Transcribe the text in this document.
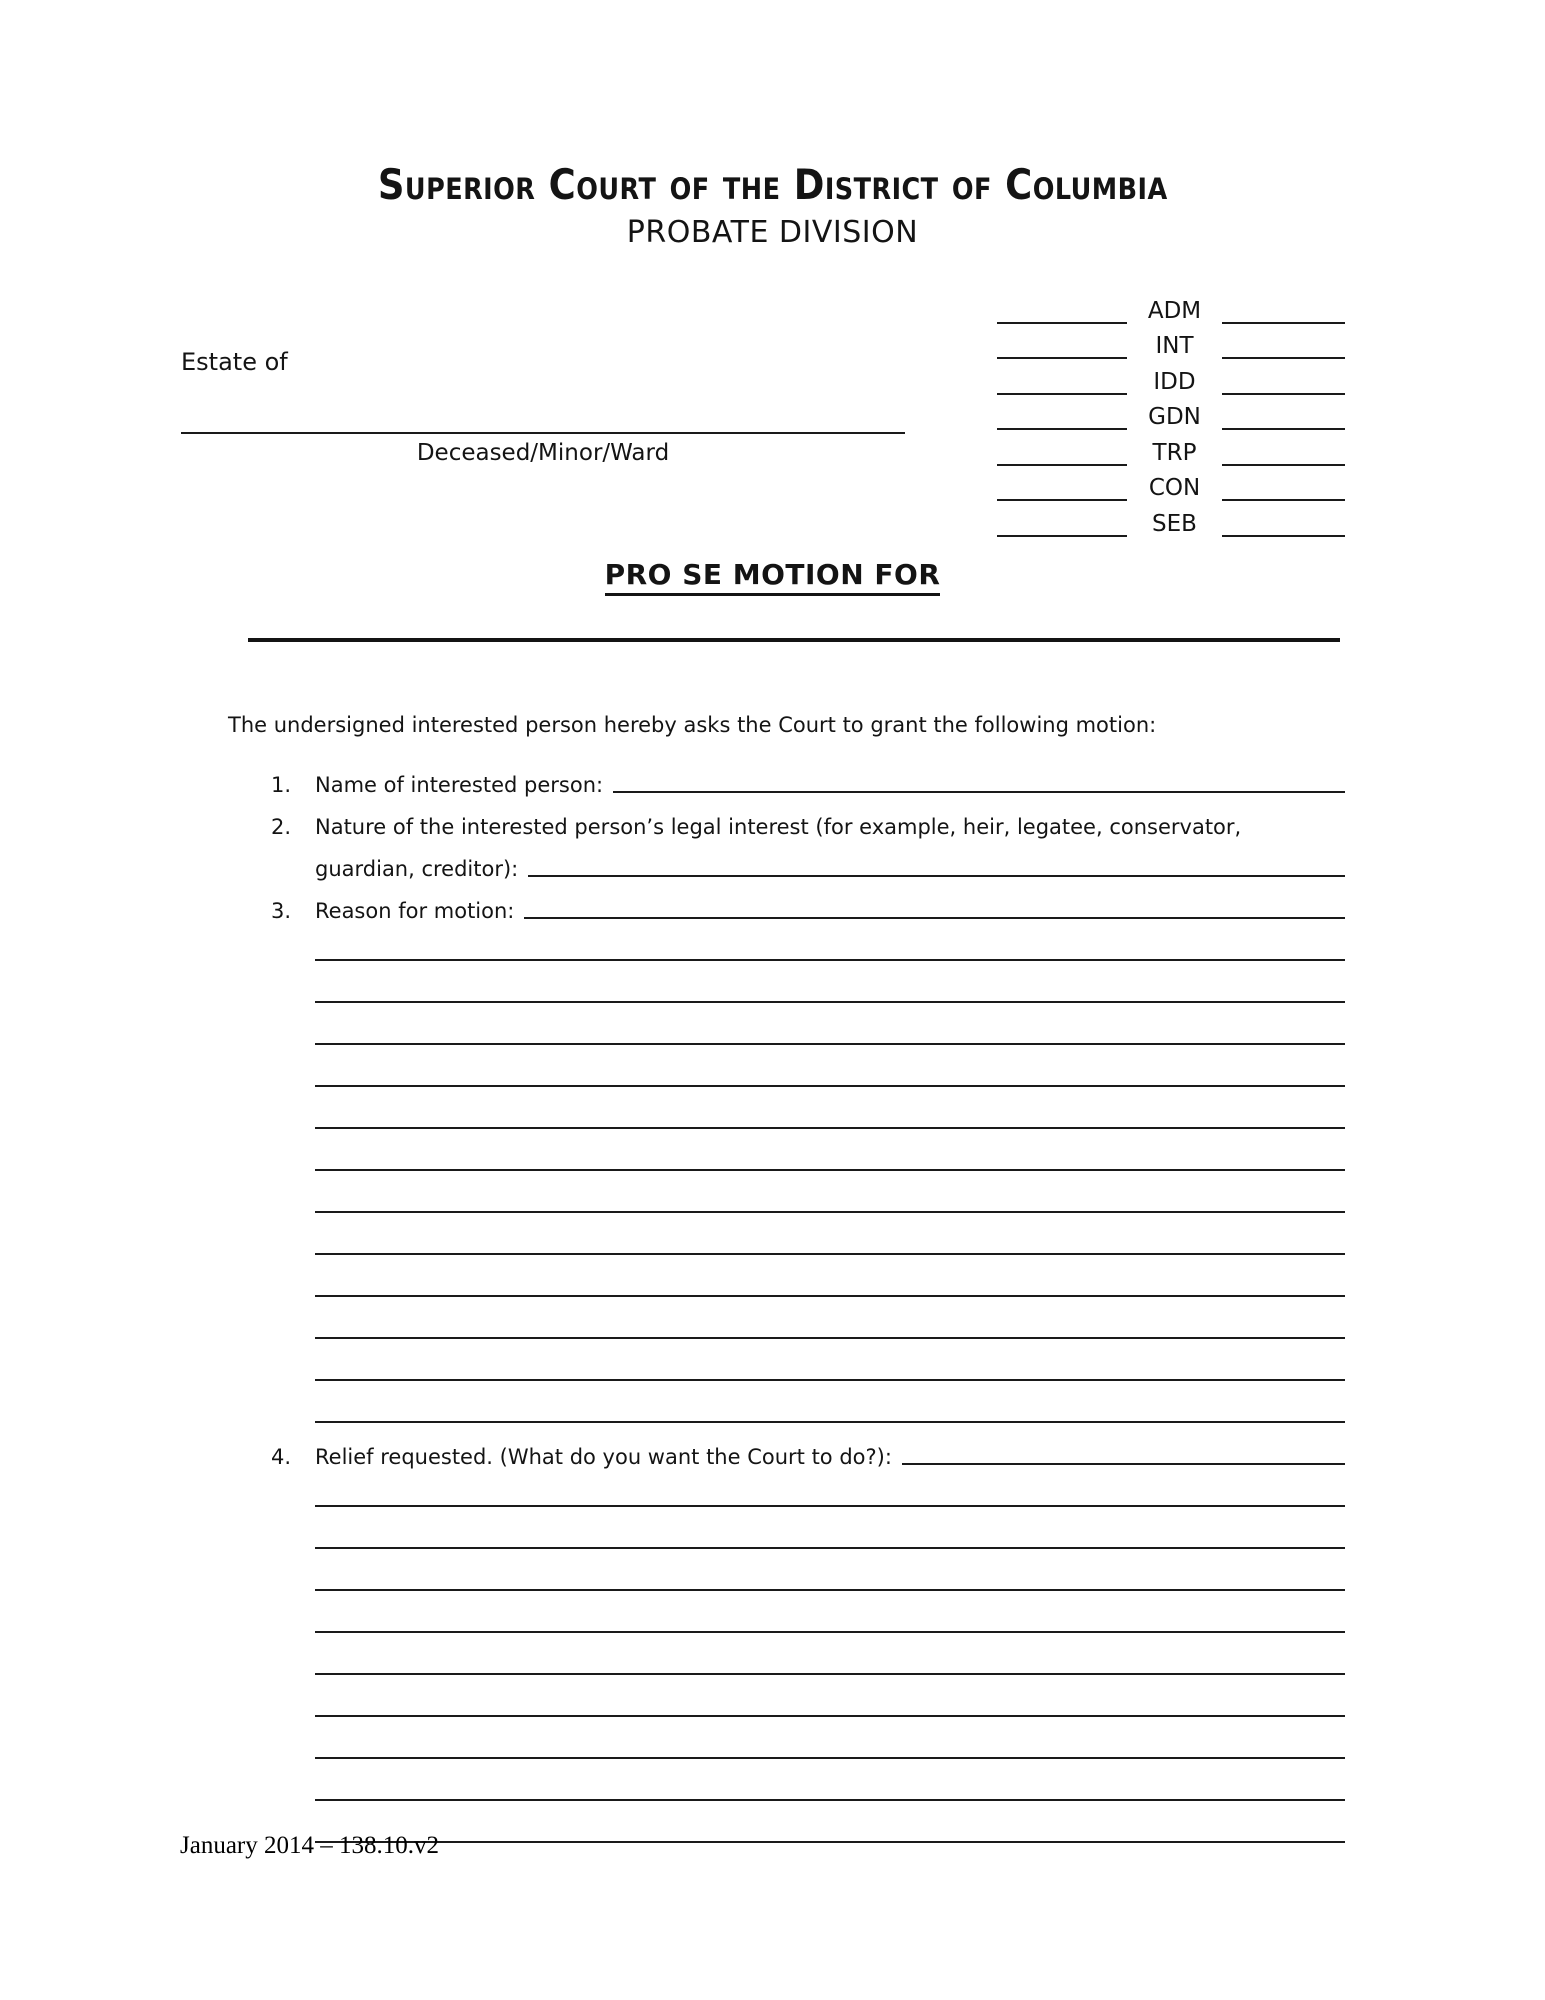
Superior Court of the District of Columbia
PROBATE DIVISION
ADM
INT
IDD
GDN
TRP
CON
SEB
Estate of
Deceased/Minor/Ward
PRO SE MOTION FOR
The undersigned interested person hereby asks the Court to grant the following motion:
1.	Name of interested person:
2.	Nature of the interested person’s legal interest (for example, heir, legatee, conservator,
guardian, creditor):
3.	Reason for motion:
4.	Relief requested. (What do you want the Court to do?):
January 2014 – 138.10.v2
